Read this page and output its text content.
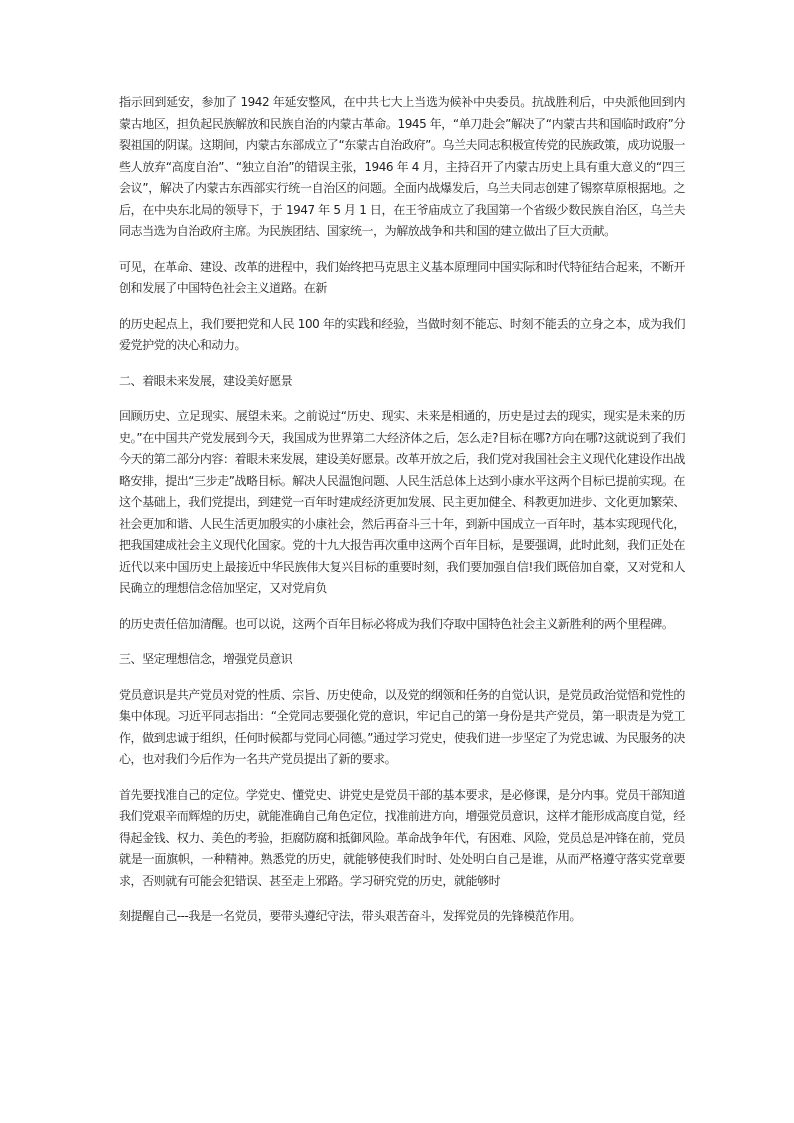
指示回到延安，参加了 1942 年延安整风，在中共七大上当选为候补中央委员。抗战胜利后，中央派他回到内蒙古地区，担负起民族解放和民族自治的内蒙古革命。1945 年，“单刀赴会”解决了“内蒙古共和国临时政府”分裂祖国的阴谋。这期间，内蒙古东部成立了“东蒙古自治政府”。乌兰夫同志积极宣传党的民族政策，成功说服一些人放弃“高度自治”、“独立自治”的错误主张，1946 年 4 月，主持召开了内蒙古历史上具有重大意义的“四三会议”，解决了内蒙古东西部实行统一自治区的问题。全面内战爆发后，乌兰夫同志创建了锡察草原根据地。之后，在中央东北局的领导下，于 1947 年 5 月 1 日，在王爷庙成立了我国第一个省级少数民族自治区，乌兰夫同志当选为自治政府主席。为民族团结、国家统一，为解放战争和共和国的建立做出了巨大贡献。

可见，在革命、建设、改革的进程中，我们始终把马克思主义基本原理同中国实际和时代特征结合起来，不断开创和发展了中国特色社会主义道路。在新

的历史起点上，我们要把党和人民 100 年的实践和经验，当做时刻不能忘、时刻不能丢的立身之本，成为我们爱党护党的决心和动力。

二、着眼未来发展，建设美好愿景

回顾历史、立足现实、展望未来。之前说过“历史、现实、未来是相通的，历史是过去的现实，现实是未来的历史。”在中国共产党发展到今天，我国成为世界第二大经济体之后，怎么走?目标在哪?方向在哪?这就说到了我们今天的第二部分内容：着眼未来发展，建设美好愿景。改革开放之后，我们党对我国社会主义现代化建设作出战略安排，提出“三步走”战略目标。解决人民温饱问题、人民生活总体上达到小康水平这两个目标已提前实现。在这个基础上，我们党提出，到建党一百年时建成经济更加发展、民主更加健全、科教更加进步、文化更加繁荣、社会更加和谐、人民生活更加殷实的小康社会，然后再奋斗三十年，到新中国成立一百年时，基本实现现代化，把我国建成社会主义现代化国家。党的十九大报告再次重申这两个百年目标，是要强调，此时此刻，我们正处在近代以来中国历史上最接近中华民族伟大复兴目标的重要时刻，我们要加强自信!我们既倍加自豪，又对党和人民确立的理想信念倍加坚定，又对党肩负

的历史责任倍加清醒。也可以说，这两个百年目标必将成为我们夺取中国特色社会主义新胜利的两个里程碑。

三、坚定理想信念，增强党员意识

党员意识是共产党员对党的性质、宗旨、历史使命，以及党的纲领和任务的自觉认识，是党员政治觉悟和党性的集中体现。习近平同志指出：“全党同志要强化党的意识，牢记自己的第一身份是共产党员，第一职责是为党工作，做到忠诚于组织，任何时候都与党同心同德。”通过学习党史，使我们进一步坚定了为党忠诚、为民服务的决心，也对我们今后作为一名共产党员提出了新的要求。

首先要找准自己的定位。学党史、懂党史、讲党史是党员干部的基本要求，是必修课，是分内事。党员干部知道我们党艰辛而辉煌的历史，就能准确自己角色定位，找准前进方向，增强党员意识，这样才能形成高度自觉，经得起金钱、权力、美色的考验，拒腐防腐和抵御风险。革命战争年代，有困难、风险，党员总是冲锋在前，党员就是一面旗帜，一种精神。熟悉党的历史，就能够使我们时时、处处明白自己是谁，从而严格遵守落实党章要求，否则就有可能会犯错误、甚至走上邪路。学习研究党的历史，就能够时

刻提醒自己---我是一名党员，要带头遵纪守法，带头艰苦奋斗，发挥党员的先锋模范作用。
